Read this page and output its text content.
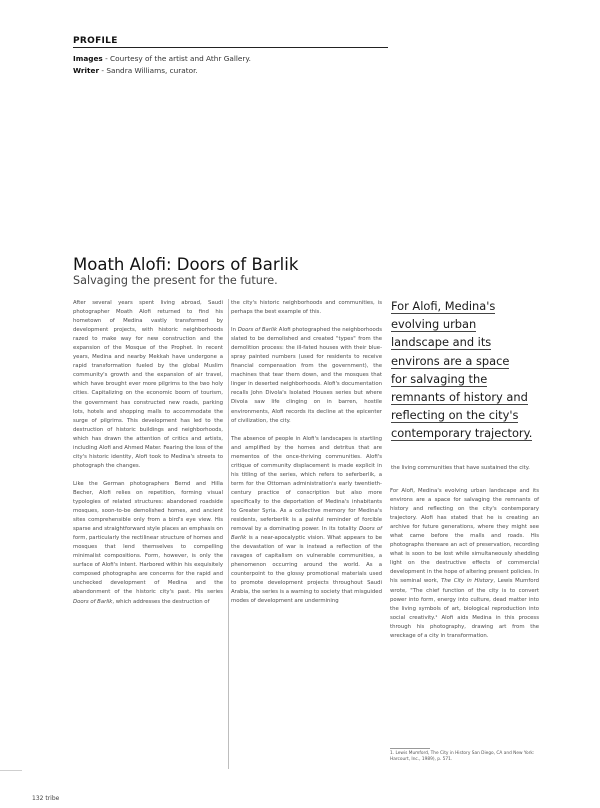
PROFILE
Images - Courtesy of the artist and Athr Gallery.
Writer - Sandra Williams, curator.
Moath Alofi: Doors of Barlik
Salvaging the present for the future.

After several years spent living abroad, Saudi photographer Moath Alofi returned to find his hometown of Medina vastly transformed by development projects, with historic neighborhoods razed to make way for new construction and the expansion of the Mosque of the Prophet. In recent years, Medina and nearby Mekkah have undergone a rapid transformation fueled by the global Muslim community's growth and the expansion of air travel, which have brought ever more pilgrims to the two holy cities. Capitalizing on the economic boom of tourism, the government has constructed new roads, parking lots, hotels and shopping malls to accommodate the surge of pilgrims. This development has led to the destruction of historic buildings and neighborhoods, which has drawn the attention of critics and artists, including Alofi and Ahmed Mater. Fearing the loss of the city's historic identity, Alofi took to Medina's streets to photograph the changes.

Like the German photographers Bernd and Hilla Becher, Alofi relies on repetition, forming visual typologies of related structures: abandoned roadside mosques, soon-to-be demolished homes, and ancient sites comprehensible only from a bird's eye view. His sparse and straightforward style places an emphasis on form, particularly the rectilinear structure of homes and mosques that lend themselves to compelling minimalist compositions. Form, however, is only the surface of Alofi's intent. Harbored within his exquisitely composed photographs are concerns for the rapid and unchecked development of Medina and the abandonment of the historic city's past. His series Doors of Barlik, which addresses the destruction of

the city's historic neighborhoods and communities, is perhaps the best example of this.

In Doors of Barlik Alofi photographed the neighborhoods slated to be demolished and created "types" from the demolition process: the ill-fated houses with their blue-spray painted numbers (used for residents to receive financial compensation from the government), the machines that tear them down, and the mosques that linger in deserted neighborhoods. Alofi's documentation recalls John Divola's Isolated Houses series but where Divola saw life clinging on in barren, hostile environments, Alofi records its decline at the epicenter of civilization, the city.

The absence of people in Alofi's landscapes is startling and amplified by the homes and detritus that are mementos of the once-thriving communities. Alofi's critique of community displacement is made explicit in his titling of the series, which refers to seferberlik, a term for the Ottoman administration's early twentieth-century practice of conscription but also more specifically to the deportation of Medina's inhabitants to Greater Syria. As a collective memory for Medina's residents, seferberlik is a painful reminder of forcible removal by a dominating power. In its totality Doors of Barlik is a near-apocalyptic vision. What appears to be the devastation of war is instead a reflection of the ravages of capitalism on vulnerable communities, a phenomenon occurring around the world. As a counterpoint to the glossy promotional materials used to promote development projects throughout Saudi Arabia, the series is a warning to society that misguided modes of development are undermining

For Alofi, Medina's
evolving urban
landscape and its
environs are a space
for salvaging the
remnants of history and
reflecting on the city's
contemporary trajectory.
the living communities that have sustained the city.

For Alofi, Medina's evolving urban landscape and its environs are a space for salvaging the remnants of history and reflecting on the city's contemporary trajectory. Alofi has stated that he is creating an archive for future generations, where they might see what came before the malls and roads. His photographs thereare an act of preservation, recording what is soon to be lost while simultaneously shedding light on the destructive effects of commercial development in the hope of altering present policies. In his seminal work, The City in History, Lewis Mumford wrote, "The chief function of the city is to convert power into form, energy into culture, dead matter into the living symbols of art, biological reproduction into social creativity.¹ Alofi aids Medina in this process through his photography, drawing art from the wreckage of a city in transformation.

1. Lewis Mumford, The City in History San Diego, CA and New York: Harcourt, Inc., 1989), p. 571.
132 tribe
